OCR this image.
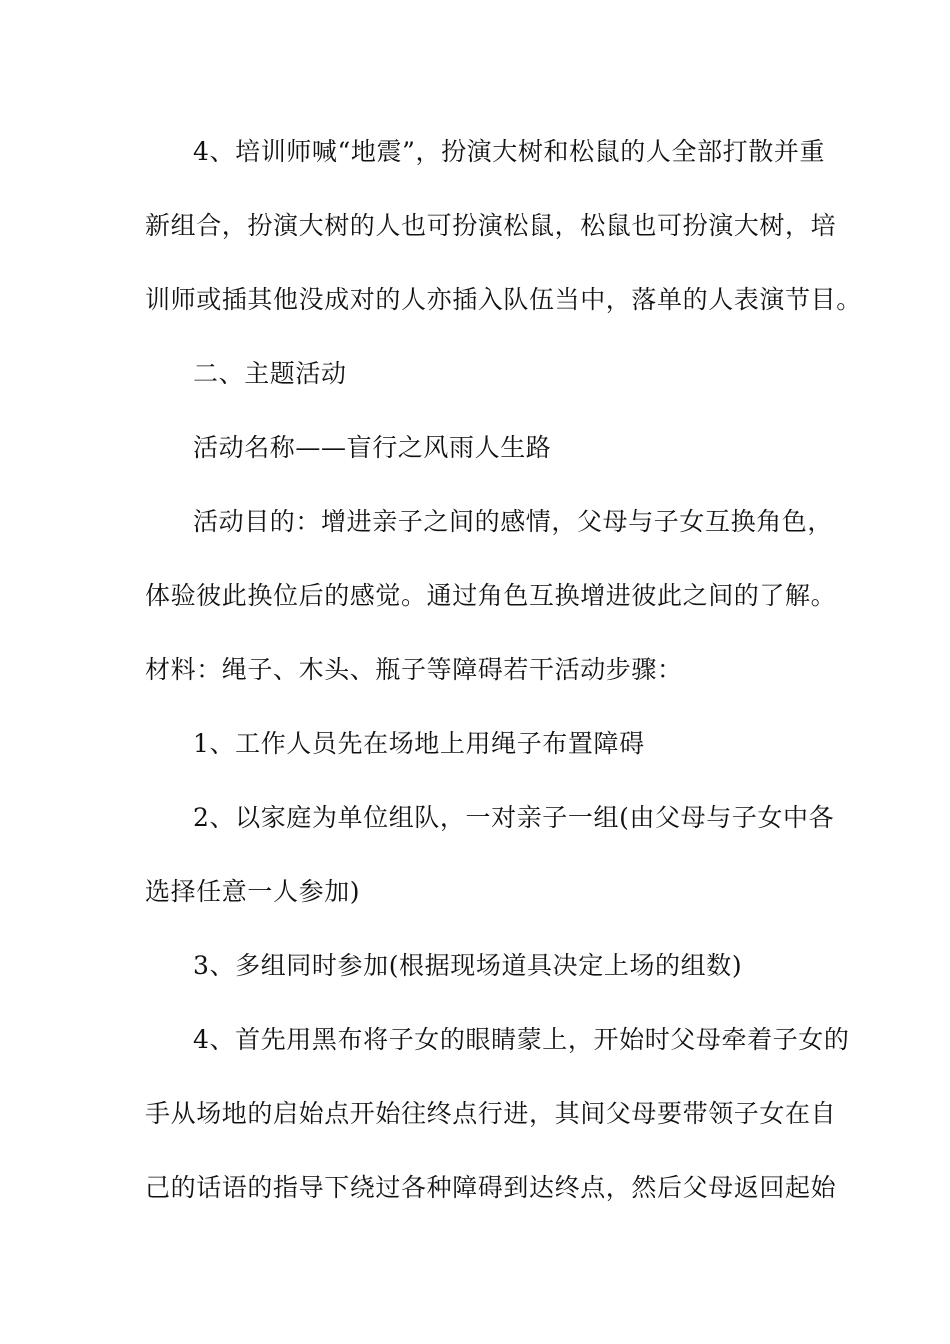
4、培训师喊“地震”，扮演大树和松鼠的人全部打散并重
新组合，扮演大树的人也可扮演松鼠，松鼠也可扮演大树，培
训师或插其他没成对的人亦插入队伍当中，落单的人表演节目。
二、主题活动
活动名称——盲行之风雨人生路
活动目的：增进亲子之间的感情，父母与子女互换角色，
体验彼此换位后的感觉。通过角色互换增进彼此之间的了解。
材料：绳子、木头、瓶子等障碍若干活动步骤：
1、工作人员先在场地上用绳子布置障碍
2、以家庭为单位组队，一对亲子一组(由父母与子女中各
选择任意一人参加)
3、多组同时参加(根据现场道具决定上场的组数)
4、首先用黑布将子女的眼睛蒙上，开始时父母牵着子女的
手从场地的启始点开始往终点行进，其间父母要带领子女在自
己的话语的指导下绕过各种障碍到达终点，然后父母返回起始
